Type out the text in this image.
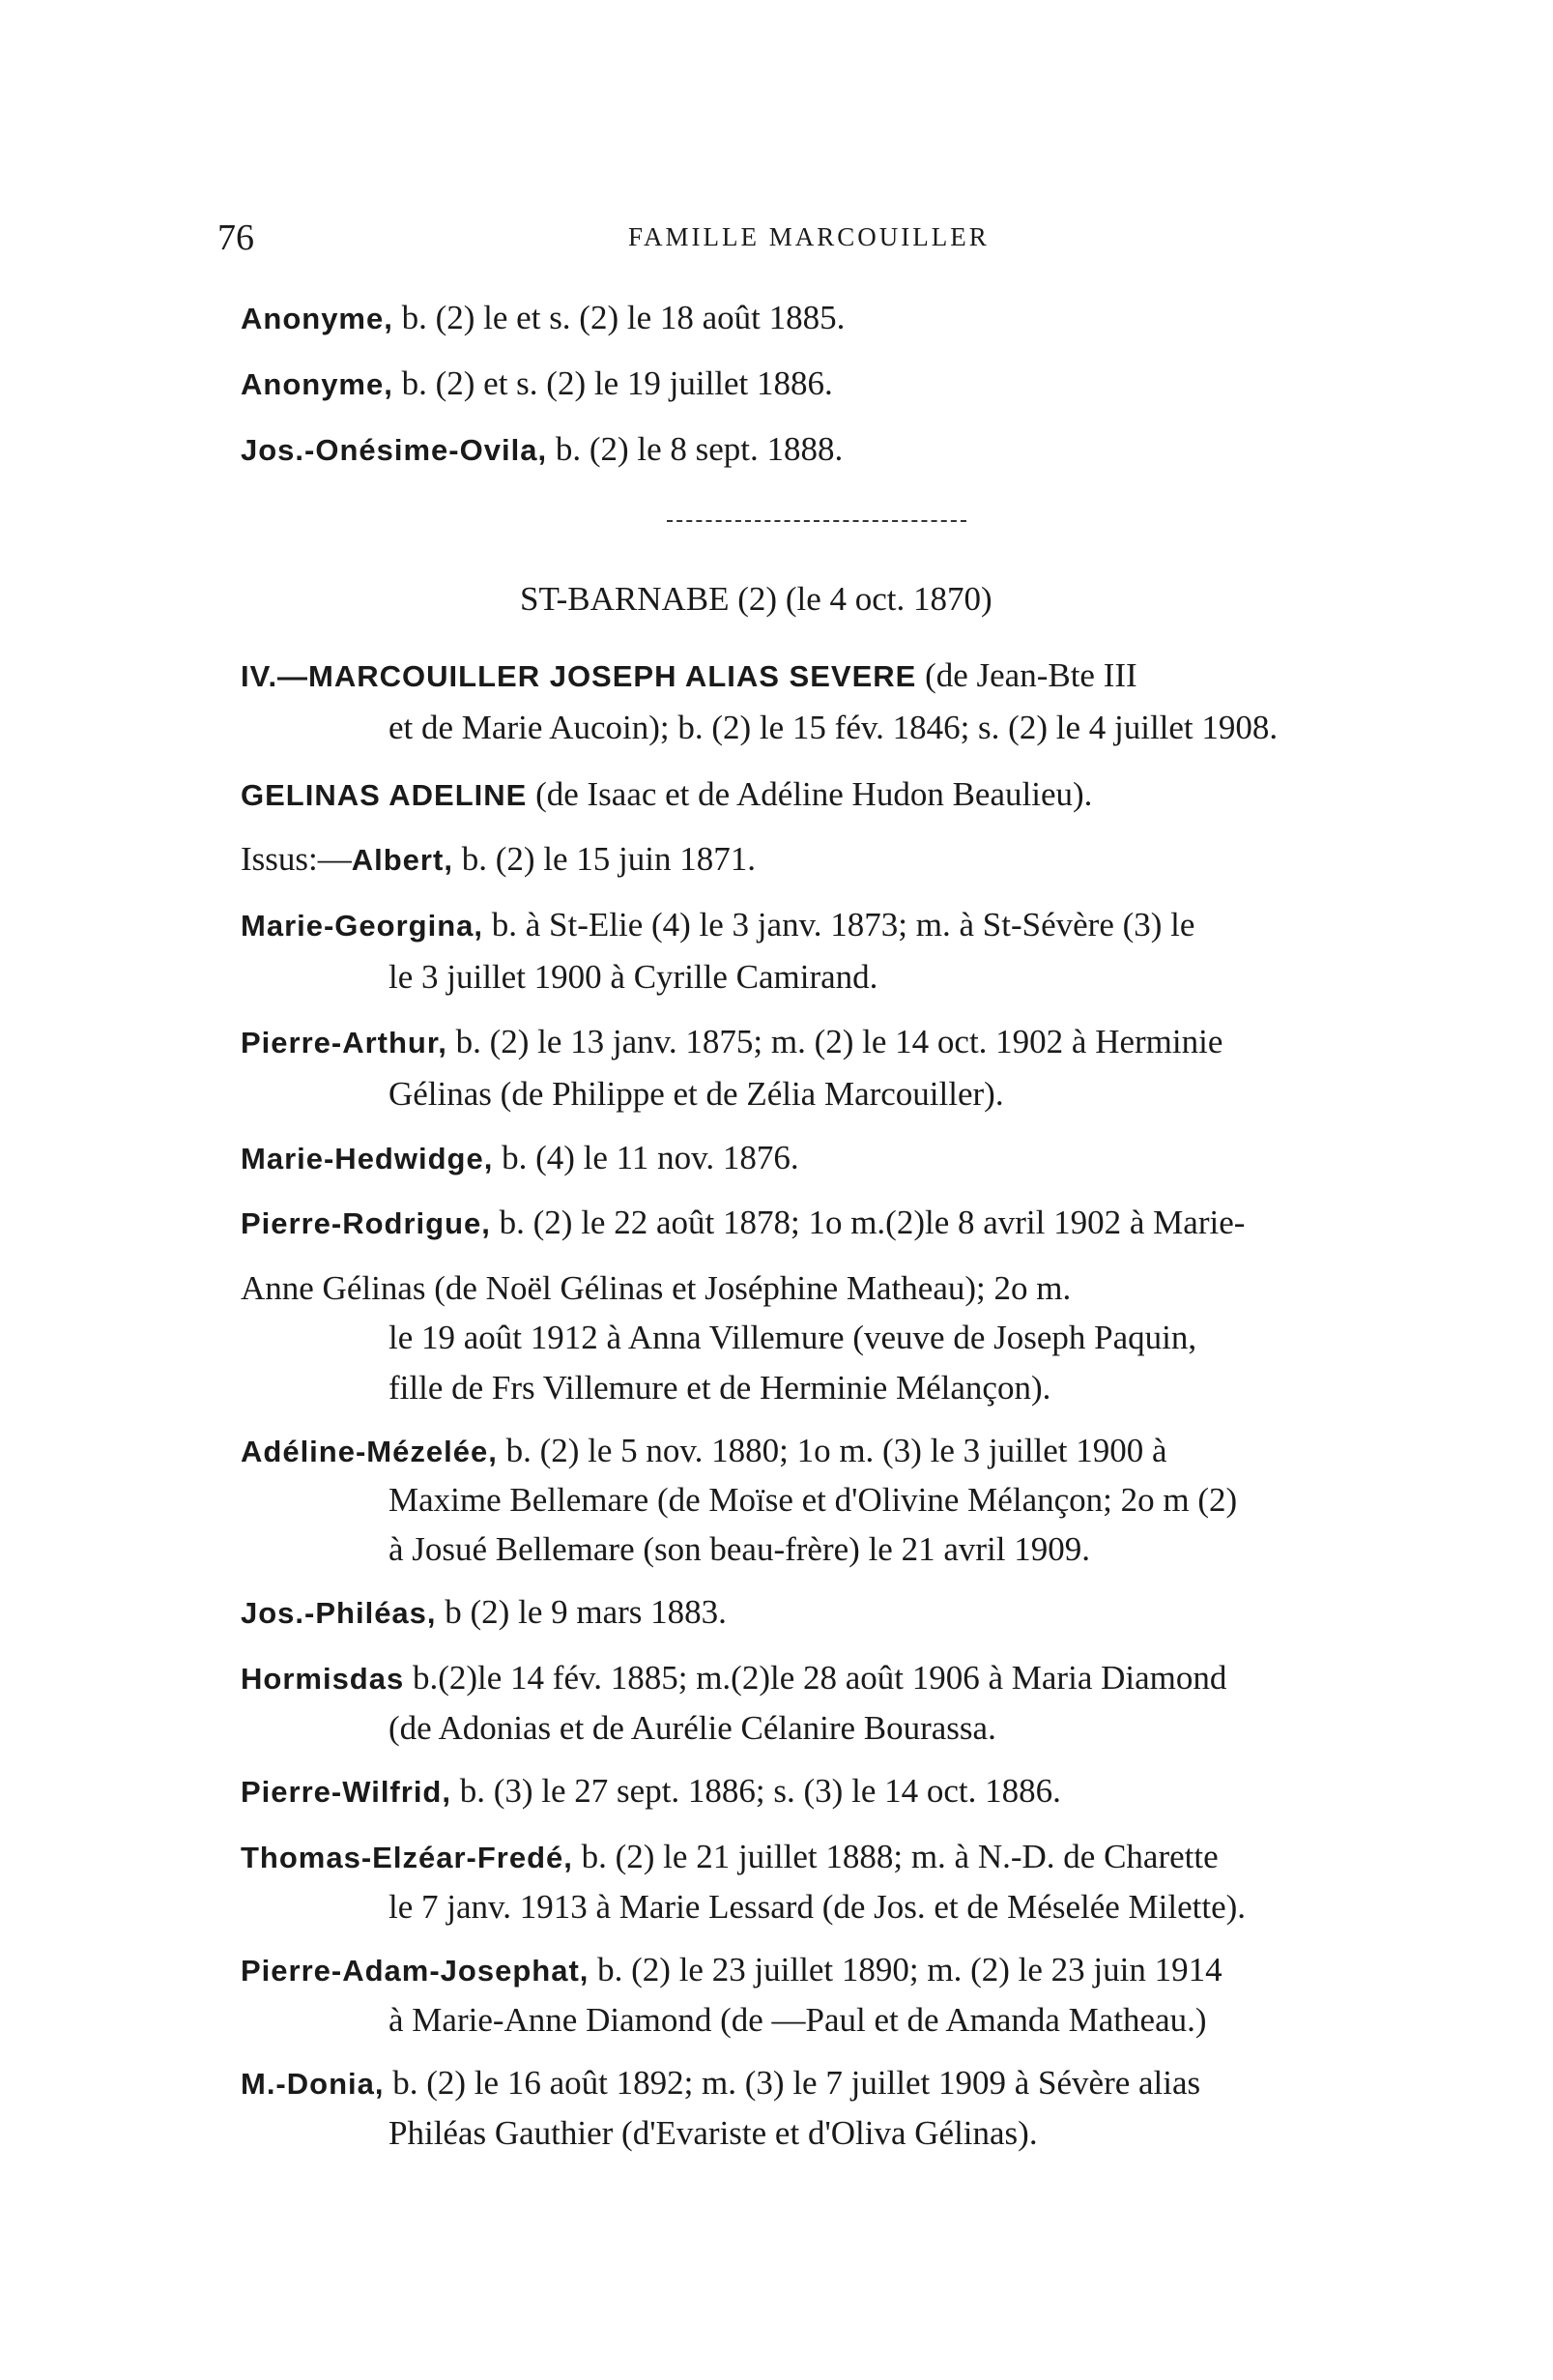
76	FAMILLE MARCOUILLER
Anonyme, b. (2) le et s. (2) le 18 août 1885.
Anonyme, b. (2) et s. (2) le 19 juillet 1886.
Jos.-Onésime-Ovila, b. (2) le 8 sept. 1888.
ST-BARNABE (2) (le 4 oct. 1870)
IV.—MARCOUILLER JOSEPH ALIAS SEVERE (de Jean-Bte III
et de Marie Aucoin); b. (2) le 15 fév. 1846; s. (2) le 4 juillet 1908.
GELINAS ADELINE (de Isaac et de Adéline Hudon Beaulieu).
Issus:—Albert, b. (2) le 15 juin 1871.
Marie-Georgina, b. à St-Elie (4) le 3 janv. 1873; m. à St-Sévère (3) le
le 3 juillet 1900 à Cyrille Camirand.
Pierre-Arthur, b. (2) le 13 janv. 1875; m. (2) le 14 oct. 1902 à Herminie
Gélinas (de Philippe et de Zélia Marcouiller).
Marie-Hedwidge, b. (4) le 11 nov. 1876.
Pierre-Rodrigue, b. (2) le 22 août 1878; 1o m.(2)le 8 avril 1902 à Marie-
Anne Gélinas (de Noël Gélinas et Joséphine Matheau); 2o m.
le 19 août 1912 à Anna Villemure (veuve de Joseph Paquin,
fille de Frs Villemure et de Herminie Mélançon).
Adéline-Mézelée, b. (2) le 5 nov. 1880; 1o m. (3) le 3 juillet 1900 à
Maxime Bellemare (de Moïse et d'Olivine Mélançon; 2o m (2)
à Josué Bellemare (son beau-frère) le 21 avril 1909.
Jos.-Philéas, b (2) le 9 mars 1883.
Hormisdas b.(2)le 14 fév. 1885; m.(2)le 28 août 1906 à Maria Diamond
(de Adonias et de Aurélie Célanire Bourassa.
Pierre-Wilfrid, b. (3) le 27 sept. 1886; s. (3) le 14 oct. 1886.
Thomas-Elzéar-Fredé, b. (2) le 21 juillet 1888; m. à N.-D. de Charette
le 7 janv. 1913 à Marie Lessard (de Jos. et de Méselée Milette).
Pierre-Adam-Josephat, b. (2) le 23 juillet 1890; m. (2) le 23 juin 1914
à Marie-Anne Diamond (de —Paul et de Amanda Matheau.)
M.-Donia, b. (2) le 16 août 1892; m. (3) le 7 juillet 1909 à Sévère alias
Philéas Gauthier (d'Evariste et d'Oliva Gélinas).
